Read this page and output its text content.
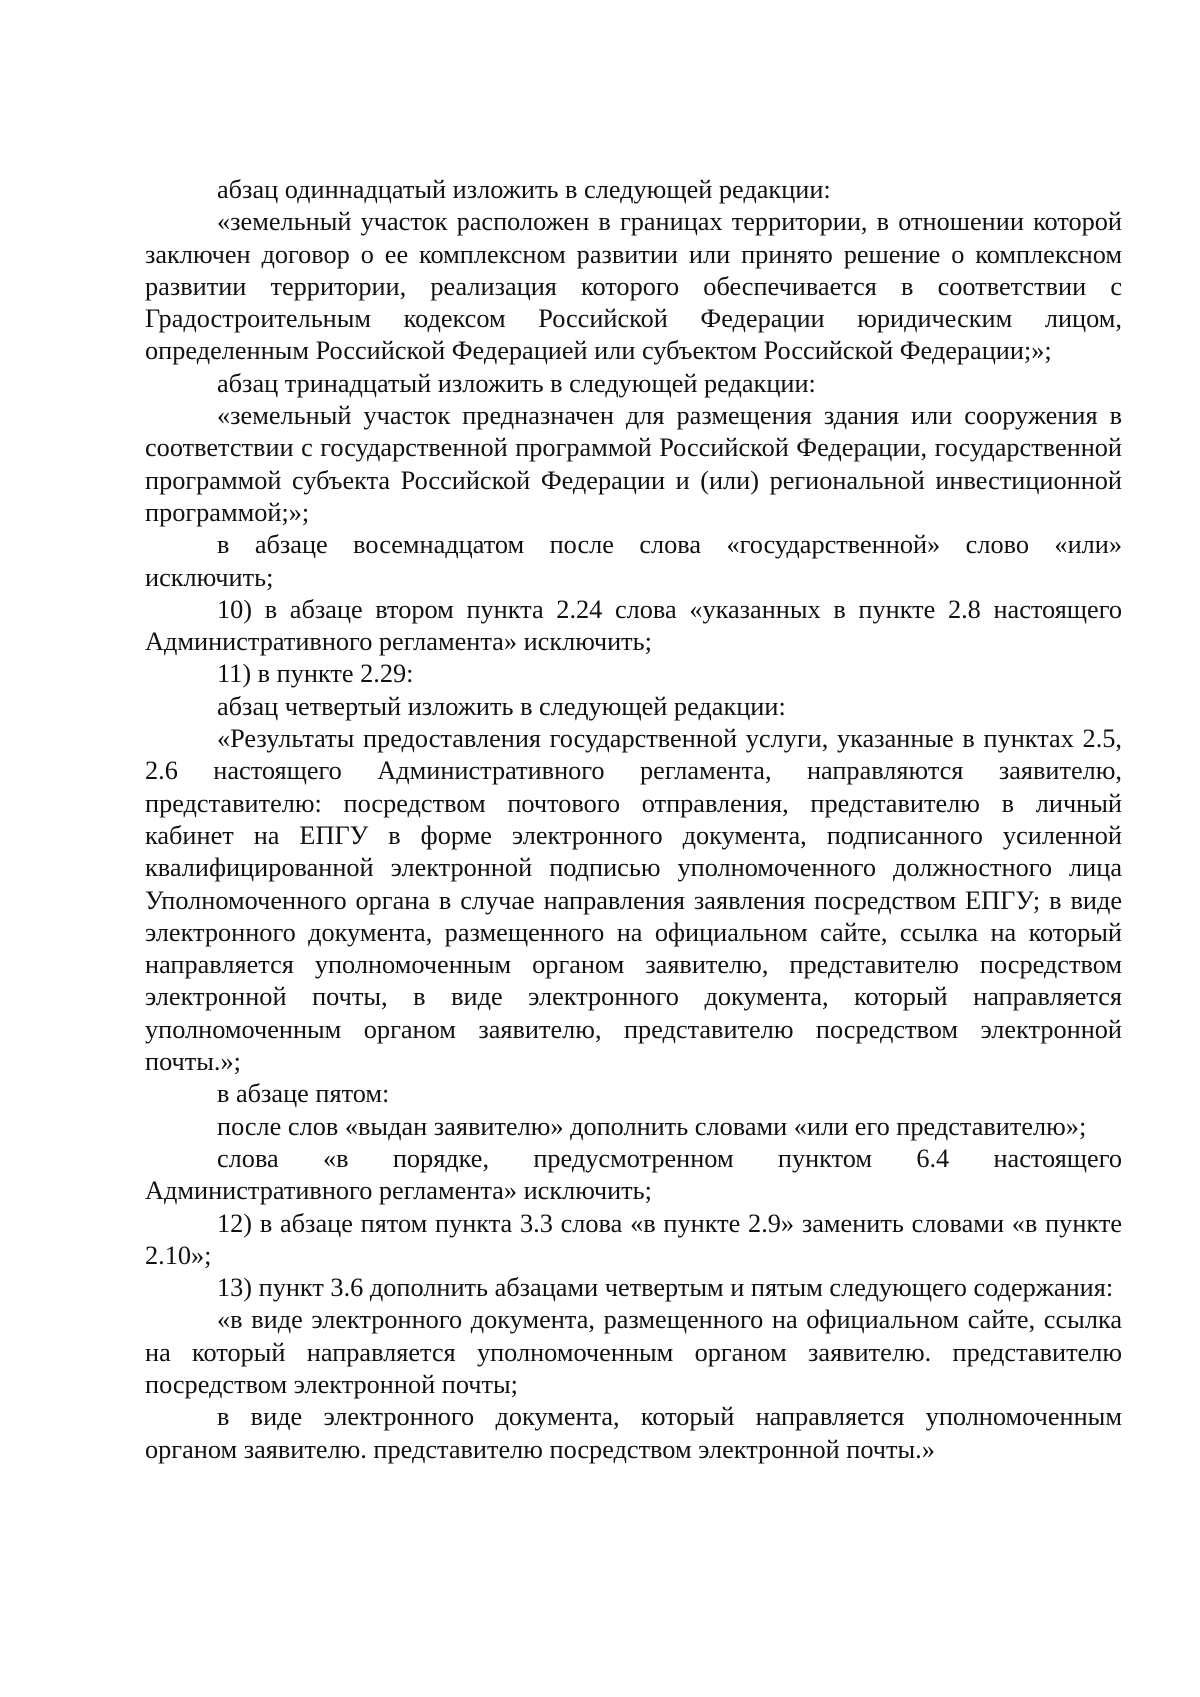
абзац одиннадцатый изложить в следующей редакции:

«земельный участок расположен в границах территории, в отношении которой заключен договор о ее комплексном развитии или принято решение о комплексном развитии территории, реализация которого обеспечивается в соответствии с Градостроительным кодексом Российской Федерации юридическим лицом, определенным Российской Федерацией или субъектом Российской Федерации;»;

абзац тринадцатый изложить в следующей редакции:

«земельный участок предназначен для размещения здания или сооружения в соответствии с государственной программой Российской Федерации, государственной программой субъекта Российской Федерации и (или) региональной инвестиционной программой;»;

в абзаце восемнадцатом после слова «государственной» слово «или» исключить;

10) в абзаце втором пункта 2.24 слова «указанных в пункте 2.8 настоящего Административного регламента» исключить;

11) в пункте 2.29:

абзац четвертый изложить в следующей редакции:

«Результаты предоставления государственной услуги, указанные в пунктах 2.5, 2.6 настоящего Административного регламента, направляются заявителю, представителю: посредством почтового отправления, представителю в личный кабинет на ЕПГУ в форме электронного документа, подписанного усиленной квалифицированной электронной подписью уполномоченного должностного лица Уполномоченного органа в случае направления заявления посредством ЕПГУ; в виде электронного документа, размещенного на официальном сайте, ссылка на который направляется уполномоченным органом заявителю, представителю посредством электронной почты, в виде электронного документа, который направляется уполномоченным органом заявителю, представителю посредством электронной почты.»;

в абзаце пятом:

после слов «выдан заявителю» дополнить словами «или его представителю»;

слова «в порядке, предусмотренном пунктом 6.4 настоящего Административного регламента» исключить;

12) в абзаце пятом пункта 3.3 слова «в пункте 2.9» заменить словами «в пункте 2.10»;

13) пункт 3.6 дополнить абзацами четвертым и пятым следующего содержания:

«в виде электронного документа, размещенного на официальном сайте, ссылка на который направляется уполномоченным органом заявителю. представителю посредством электронной почты;

в виде электронного документа, который направляется уполномоченным органом заявителю. представителю посредством электронной почты.»
